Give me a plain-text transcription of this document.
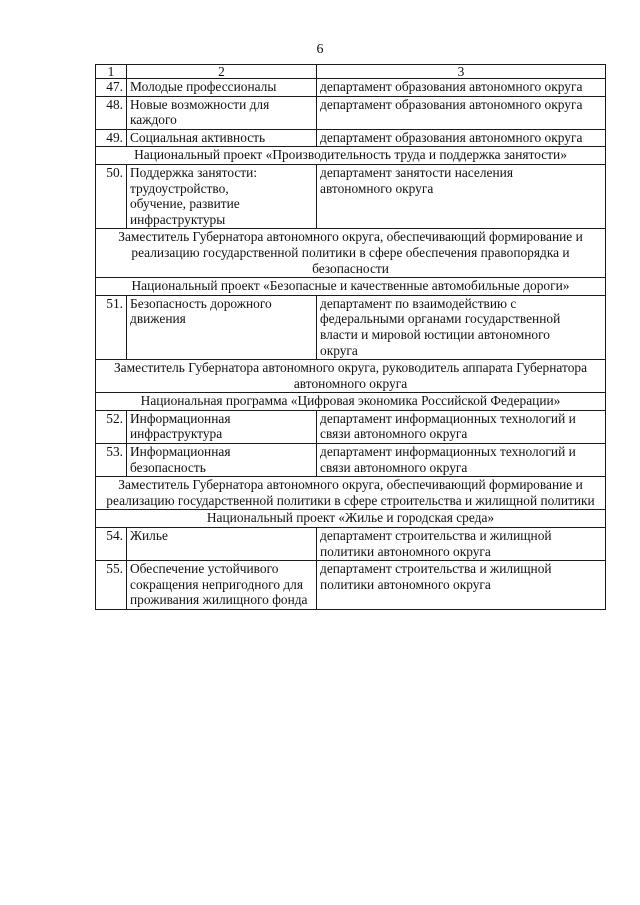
6
1	2	3
47.	Молодые профессионалы	департамент образования автономного округа

48.	Новые возможности для каждого	департамент образования автономного округа

49.	Социальная активность	департамент образования автономного округа

Национальный проект «Производительность труда и поддержка занятости»		
50.	Поддержка занятости: трудоустройство, обучение, развитие инфраструктуры	департамент занятости населения автономного округа

Заместитель Губернатора автономного округа, обеспечивающий формирование и реализацию государственной политики в сфере обеспечения правопорядка и безопасности		
Национальный проект «Безопасные и качественные автомобильные дороги»		
51.	Безопасность дорожного движения	департамент по взаимодействию с федеральными органами государственной власти и мировой юстиции автономного округа

Заместитель Губернатора автономного округа, руководитель аппарата Губернатора автономного округа		
Национальная программа «Цифровая экономика Российской Федерации»		
52.	Информационная инфраструктура	департамент информационных технологий и связи автономного округа

53.	Информационная безопасность	департамент информационных технологий и связи автономного округа

Заместитель Губернатора автономного округа, обеспечивающий формирование и реализацию государственной политики в сфере строительства и жилищной политики		
Национальный проект «Жилье и городская среда»		
54.	Жилье	департамент строительства и жилищной политики автономного округа

55.	Обеспечение устойчивого сокращения непригодного для проживания жилищного фонда	департамент строительства и жилищной политики автономного округа
